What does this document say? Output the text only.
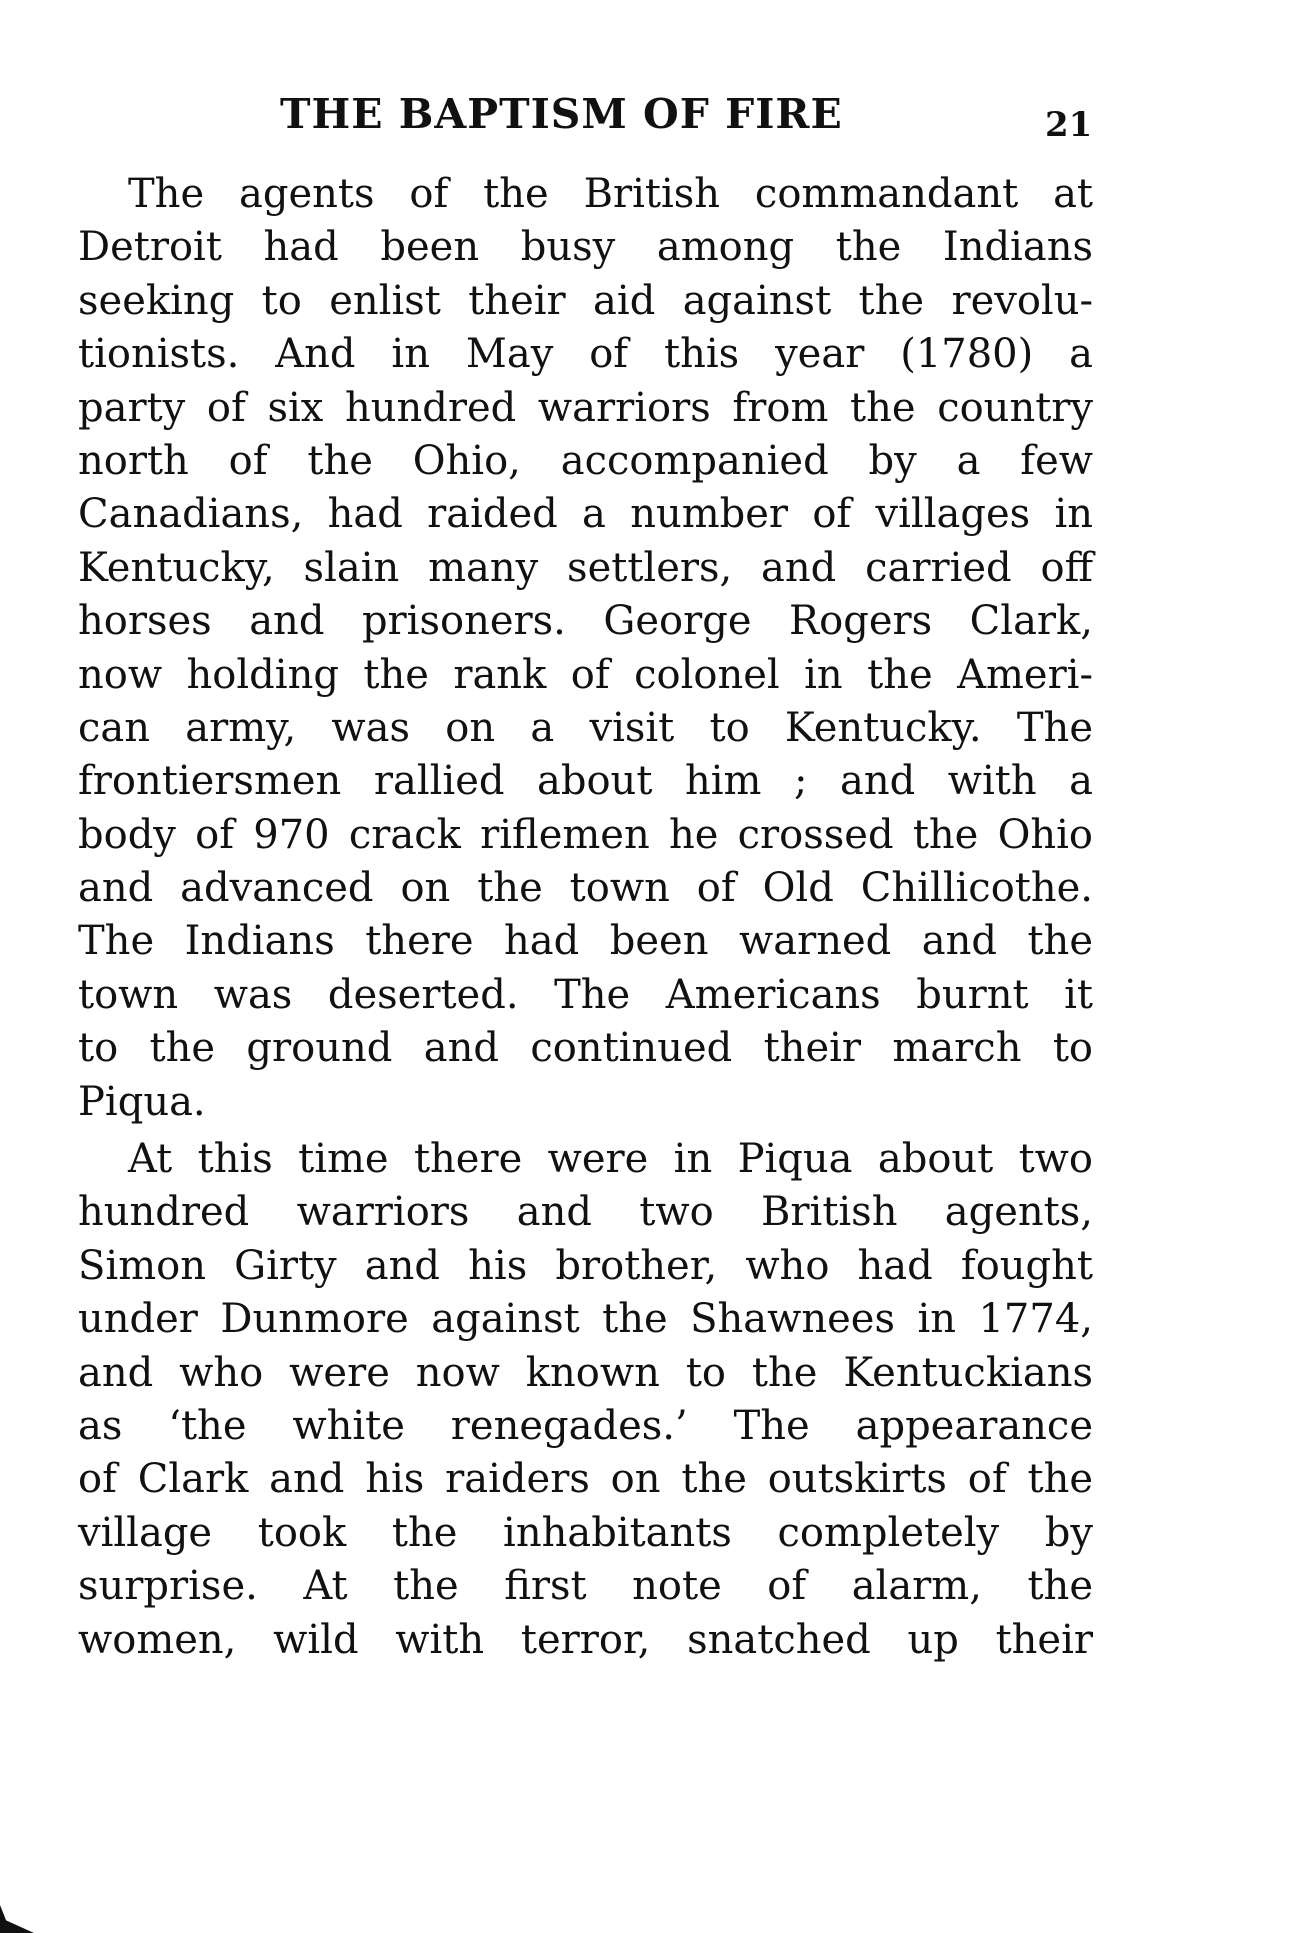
THE BAPTISM OF FIRE	21
The agents of the British commandant at
Detroit had been busy among the Indians
seeking to enlist their aid against the revolu-
tionists. And in May of this year (1780) a
party of six hundred warriors from the country
north of the Ohio, accompanied by a few
Canadians, had raided a number of villages in
Kentucky, slain many settlers, and carried off
horses and prisoners. George Rogers Clark,
now holding the rank of colonel in the Ameri-
can army, was on a visit to Kentucky. The
frontiersmen rallied about him ; and with a
body of 970 crack riflemen he crossed the Ohio
and advanced on the town of Old Chillicothe.
The Indians there had been warned and the
town was deserted. The Americans burnt it
to the ground and continued their march to
Piqua.
At this time there were in Piqua about two
hundred warriors and two British agents,
Simon Girty and his brother, who had fought
under Dunmore against the Shawnees in 1774,
and who were now known to the Kentuckians
as ‘the white renegades.’ The appearance
of Clark and his raiders on the outskirts of the
village took the inhabitants completely by
surprise. At the first note of alarm, the
women, wild with terror, snatched up their
